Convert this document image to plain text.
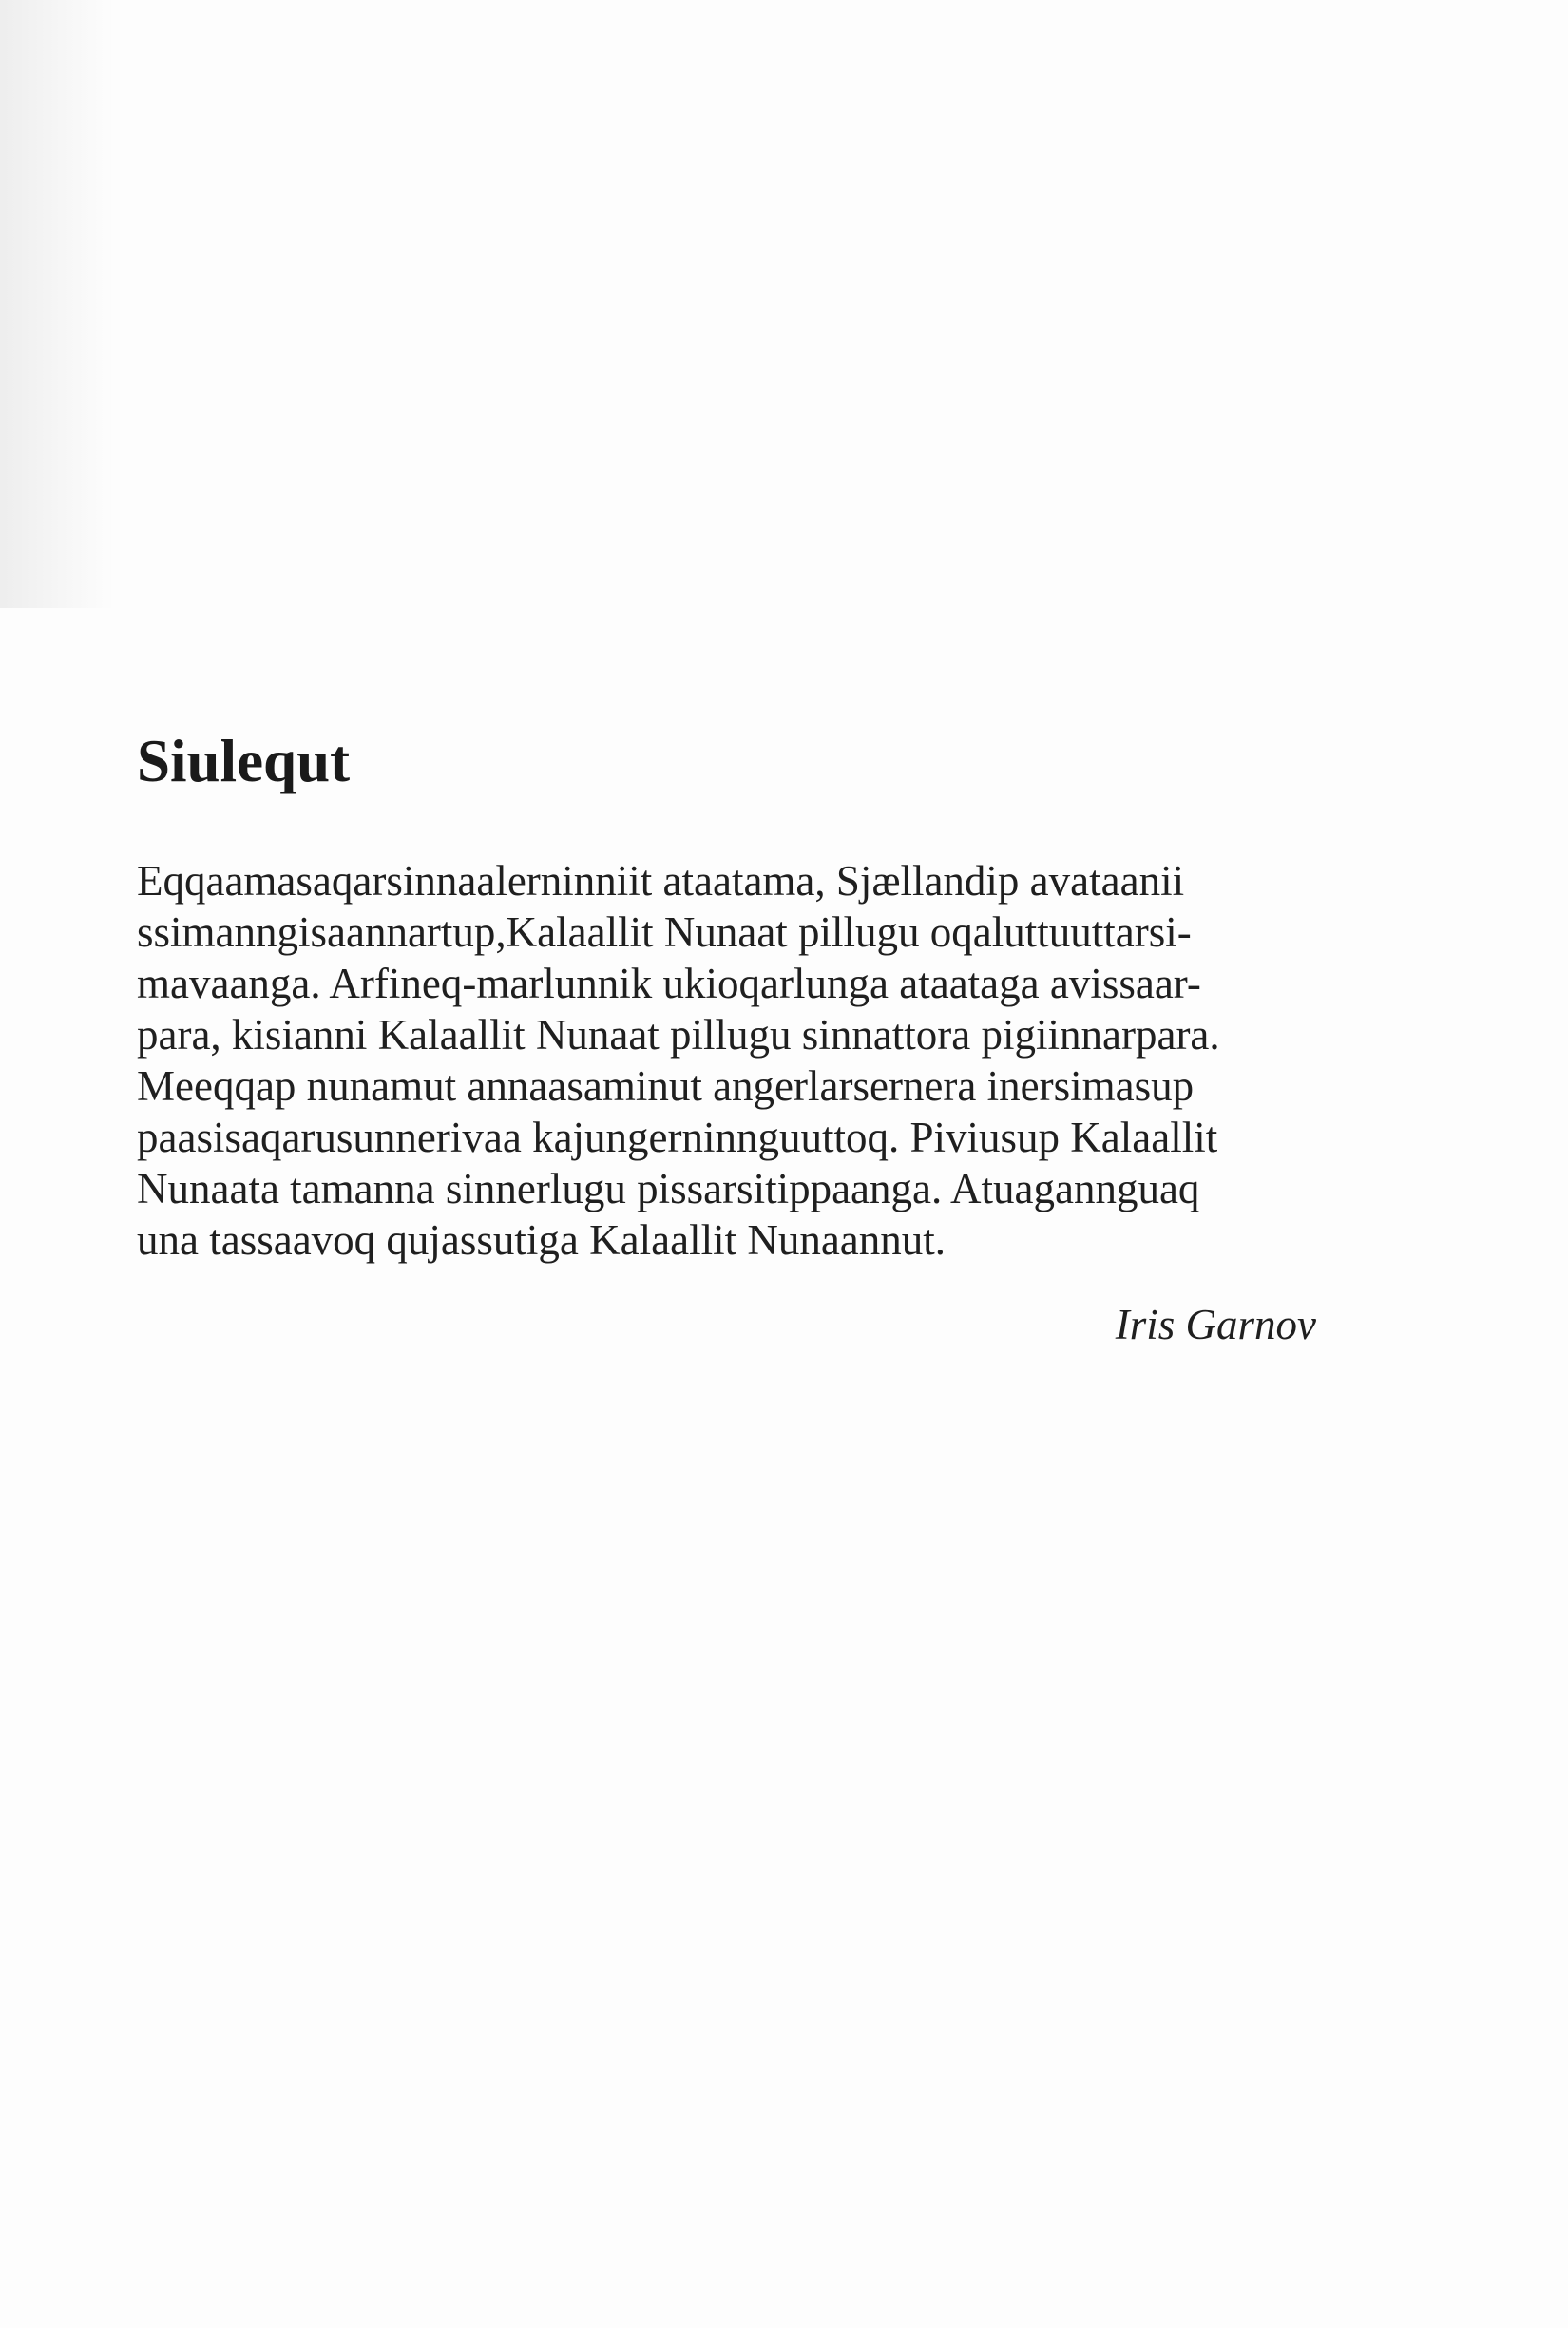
Siulequt
Eqqaamasaqarsinnaalerninniit ataatama, Sjællandip avataanii
ssimanngisaannartup,Kalaallit Nunaat pillugu oqaluttuuttarsi-
mavaanga. Arfineq-marlunnik ukioqarlunga ataataga avissaar-
para, kisianni Kalaallit Nunaat pillugu sinnattora pigiinnarpara.
Meeqqap nunamut annaasaminut angerlarsernera inersimasup
paasisaqarusunnerivaa kajungerninnguuttoq. Piviusup Kalaallit
Nunaata tamanna sinnerlugu pissarsitippaanga. Atuagannguaq
una tassaavoq qujassutiga Kalaallit Nunaannut.

Iris Garnov
